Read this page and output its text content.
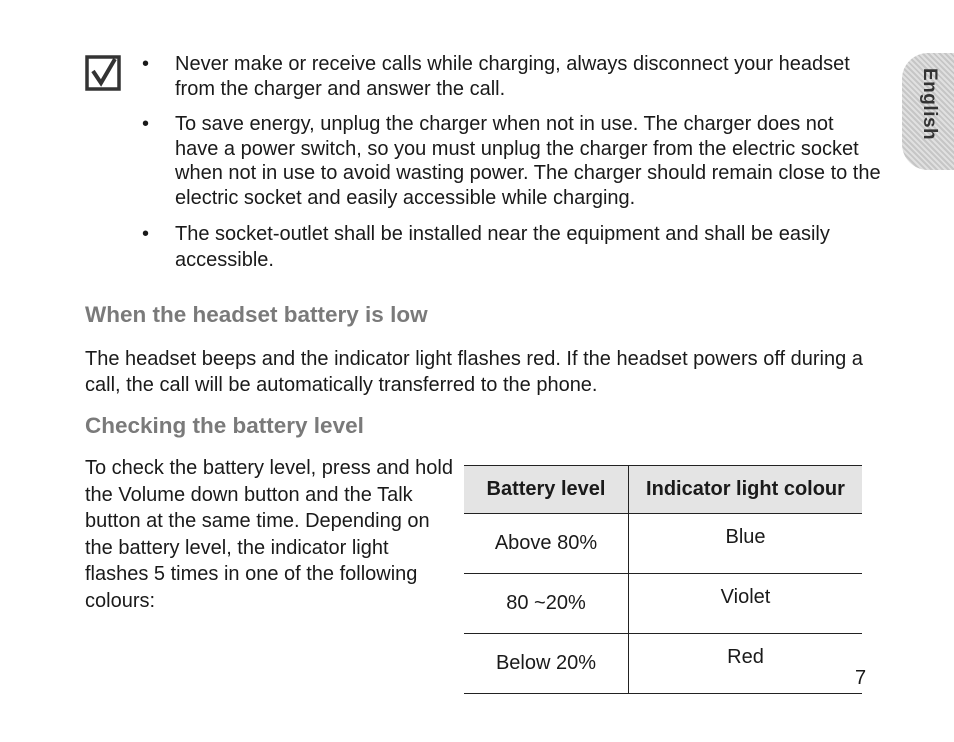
• Never make or receive calls while charging, always disconnect your headset from the charger and answer the call.
• To save energy, unplug the charger when not in use. The charger does not have a power switch, so you must unplug the charger from the electric socket when not in use to avoid wasting power. The charger should remain close to the electric socket and easily accessible while charging.
• The socket-outlet shall be installed near the equipment and shall be easily accessible.
When the headset battery is low

The headset beeps and the indicator light flashes red. If the headset powers off during a call, the call will be automatically transferred to the phone.

Checking the battery level

To check the battery level, press and hold the Volume down button and the Talk button at the same time. Depending on the battery level, the indicator light flashes 5 times in one of the following colours:

Battery level	Indicator light colour
Above 80%	Blue
80 ~20%	Violet
Below 20%	Red
English
7
